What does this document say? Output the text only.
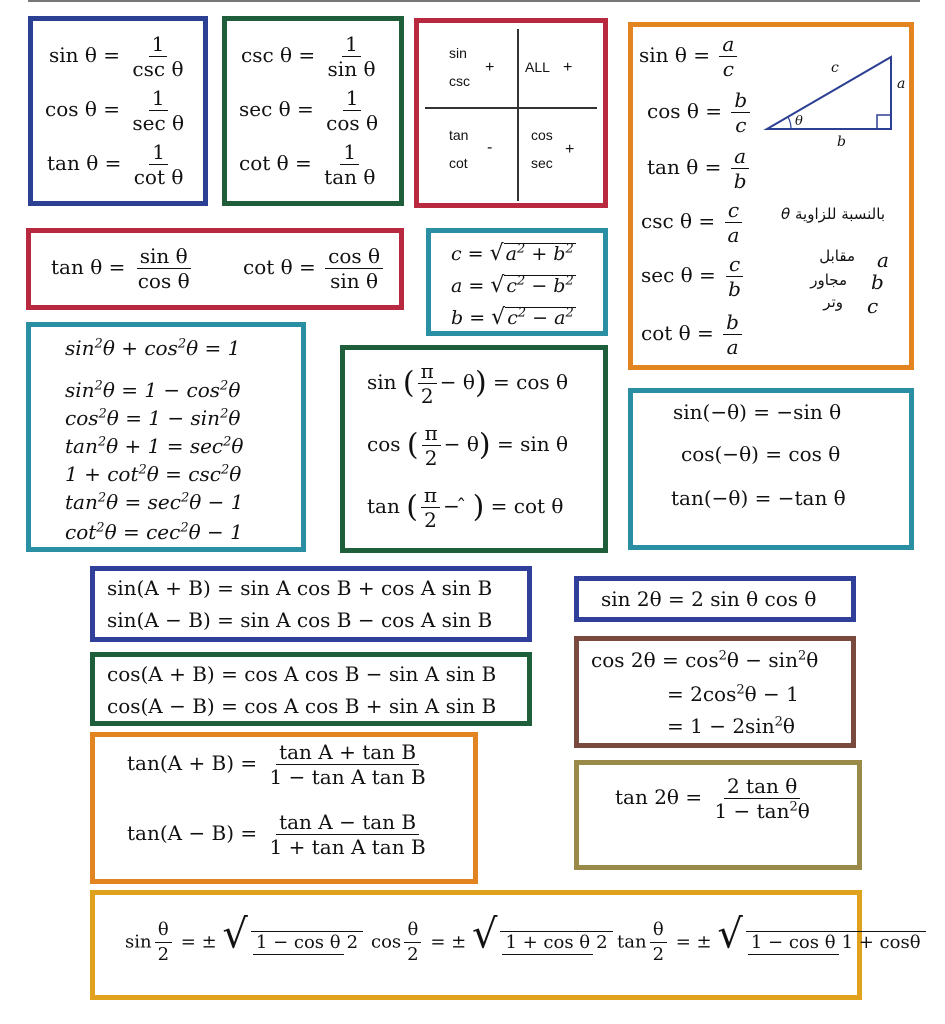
$\sin \theta = \frac{1}{\text{csc θ}}$
$\cos \theta = \frac{1}{\text{sec θ}}$
$\tan \theta = \frac{1}{\text{cot θ}}$
$\csc \theta = \frac{1}{\text{sin θ}}$
$\sec \theta = \frac{1}{\text{cos θ}}$
$\cot \theta = \frac{1}{\text{tan θ}}$
sin
csc
+ ALL +
tan
cot
-
cos
sec
+
$\sin \theta = \frac{a}{c}$
$\cos \theta = \frac{b}{c}$
$\tan \theta = \frac{a}{b}$
$\csc \theta = \frac{c}{a}$
$\sec \theta = \frac{c}{b}$
$\cot \theta = \frac{b}{a}$
c
a
b
θ
بالنسبة للزاوية θ
a
مقابل
b
مجاور
c
وتر
$\tan \theta = \frac{\text{sin θ}}{\text{cos θ}}$	$\cot \theta = \frac{\text{cos θ}}{\text{sin θ}}$	c = √ $a^2 + b^2$
a = √ $c^2 - b^2$
b = √ $c^2 - a^2$
$\sin^2\theta + \cos^2\theta = 1$
$\sin^2\theta = 1 - \cos^2\theta$
$\cos^2\theta = 1 - \sin^2\theta$
$\tan^2\theta + 1 = \sec^2\theta$
$1 + \cot^2\theta = \csc^2\theta$
$\tan^2\theta = \sec^2\theta - 1$
$\cot^2\theta = cec^2\theta - 1$
sin ( $\frac{\pi}{2} - \theta) = \cos \theta$
cos ( $\frac{\pi}{2} - \theta) = \sin \theta$
tan ( $\frac{\pi}{2}$ − ̂ ) = cot θ
sin(−θ) = −sin θ
cos(−θ) = cos θ
tan(−θ) = −tan θ
sin(A + B) = sin A cos B + cos A sin B
sin(A − B) = sin A cos B − cos A sin B
cos(A + B) = cos A cos B − sin A sin B
cos(A − B) = cos A cos B + sin A sin B
$\tan(A + B) = \frac{\text{tan A + tan B}}{\text{1 − tan A tan B}}$
$\tan(A - B) = \frac{\text{tan A − tan B}}{\text{1 + tan A tan B}}$
sin 2θ = 2 sin θ cos θ
$\cos 2\theta = \cos^2\theta - \sin^2\theta$
= $2\cos^2\theta - 1$
= $1 - 2\sin^2\theta$
$\tan 2\theta = \frac{\text{2 tan θ}}{1 - \tan^2\theta}$
$\sin \frac{\theta}{2}$ = ± √ 1 − cos θ 2 $\cos \frac{\theta}{2}$ = ± √ 1 + cos θ 2 $\tan \frac{\theta}{2}$ = ± √ 1 − cos θ 1 + cosθ
